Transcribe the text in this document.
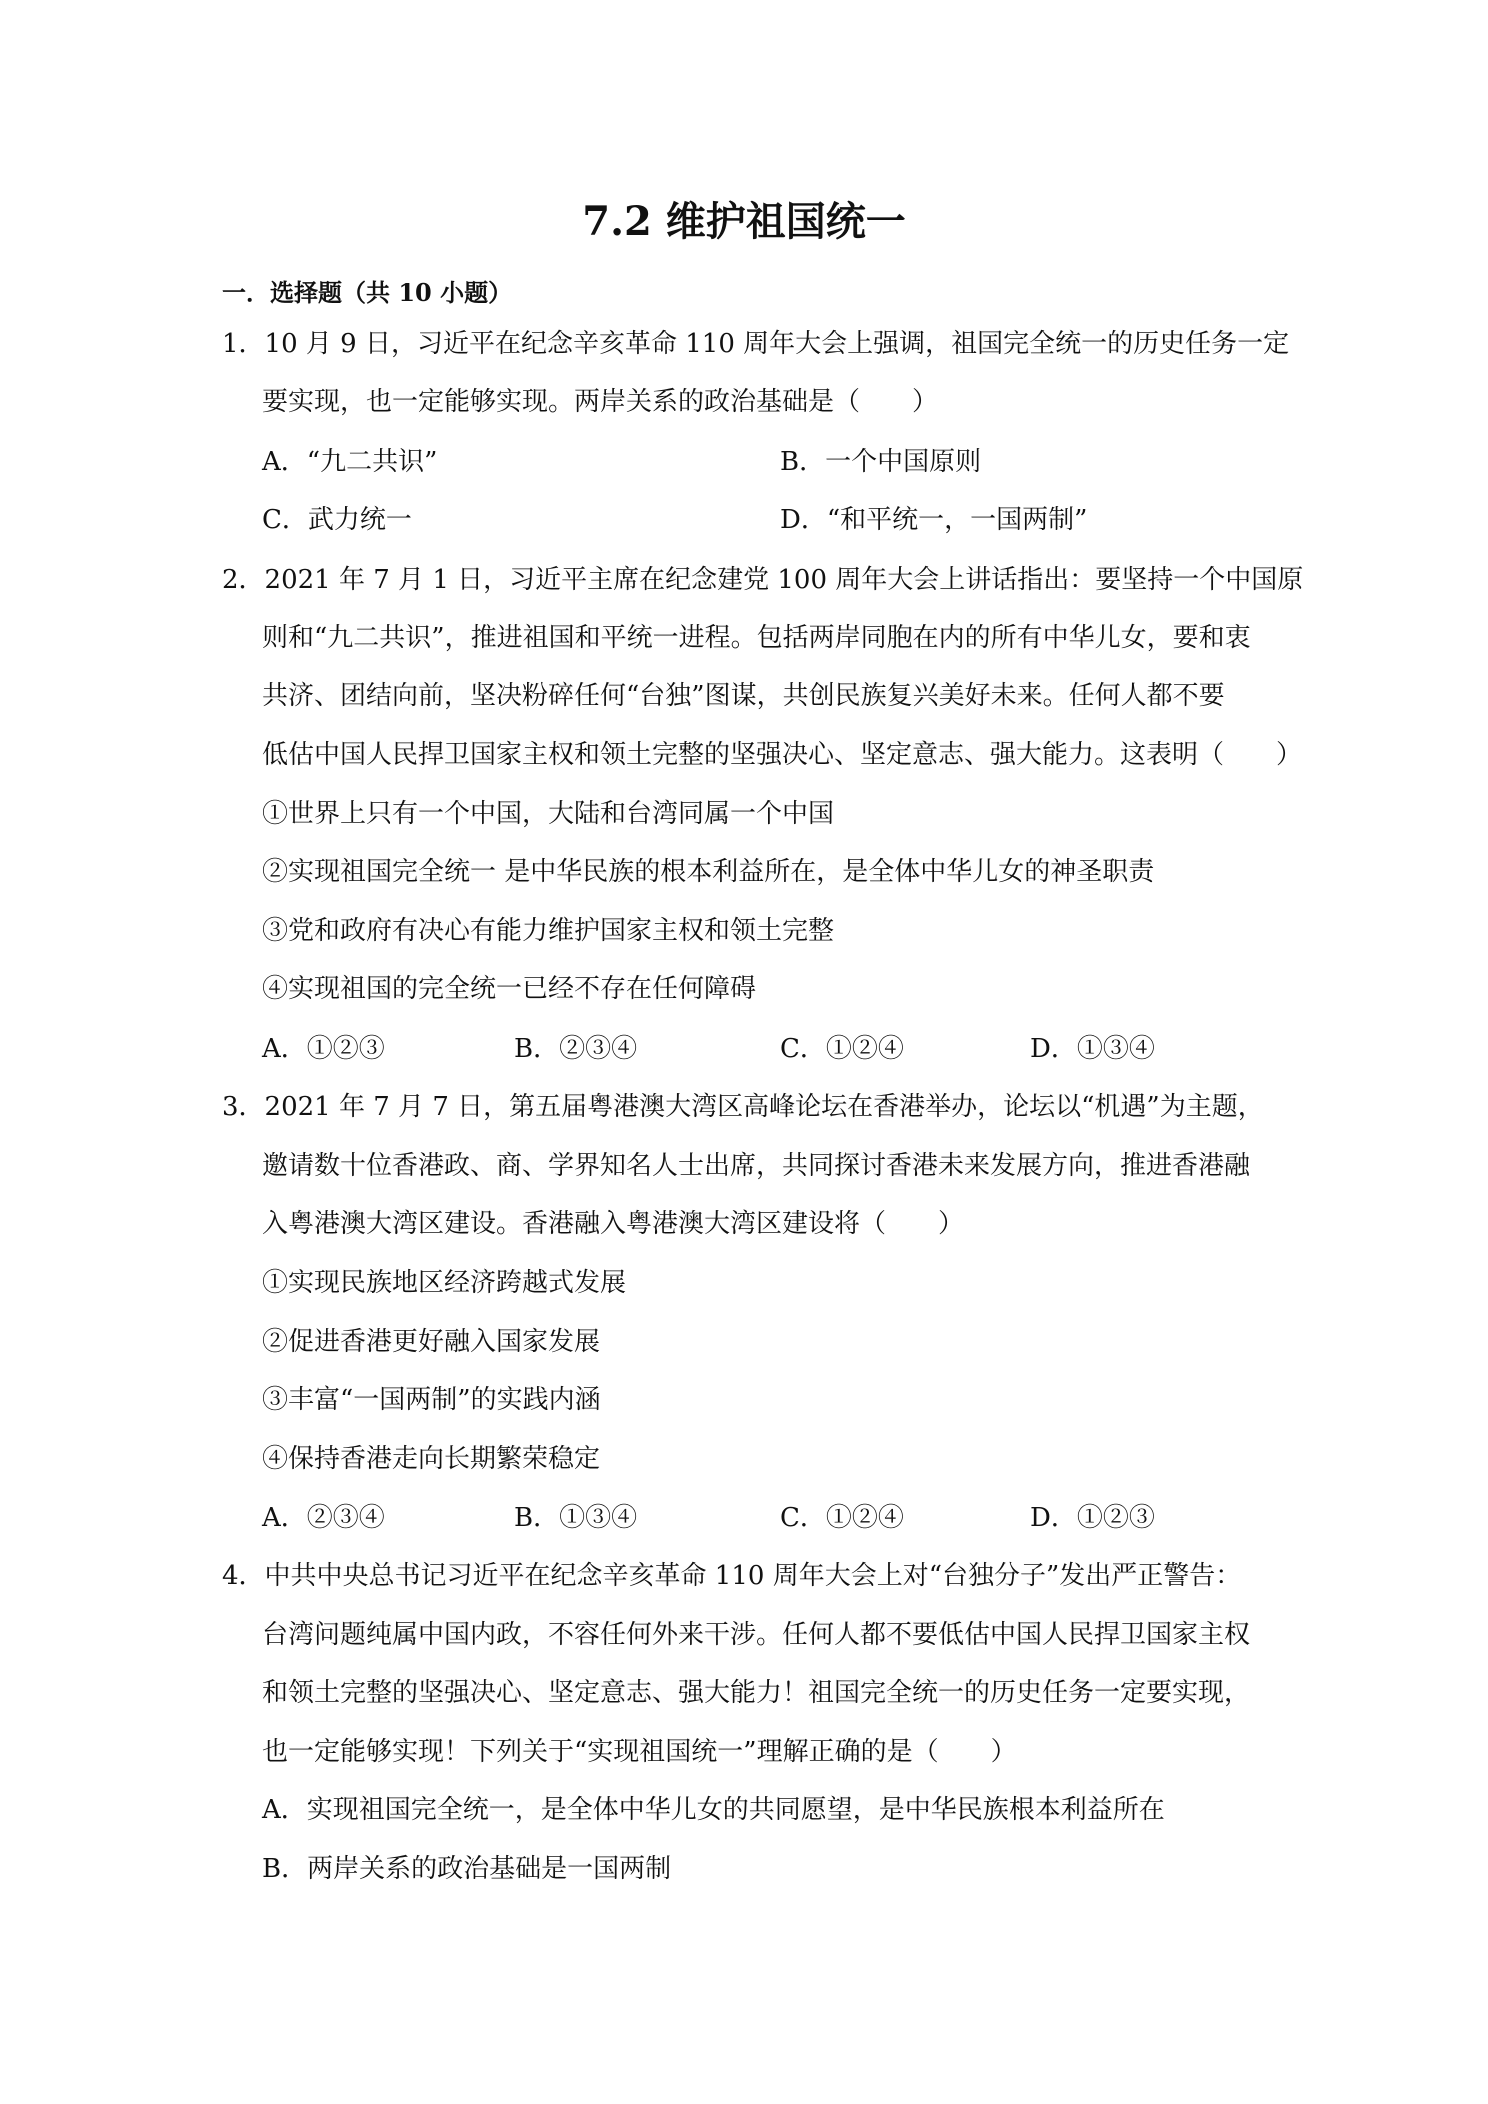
7.2 维护祖国统一
一．选择题（共 10 小题）
1．10 月 9 日，习近平在纪念辛亥革命 110 周年大会上强调，祖国完全统一的历史任务一定
要实现，也一定能够实现。两岸关系的政治基础是（　　）
A．“九二共识”	B．一个中国原则
C．武力统一	D．“和平统一，一国两制”
2．2021 年 7 月 1 日，习近平主席在纪念建党 100 周年大会上讲话指出：要坚持一个中国原
则和“九二共识”，推进祖国和平统一进程。包括两岸同胞在内的所有中华儿女，要和衷
共济、团结向前，坚决粉碎任何“台独”图谋，共创民族复兴美好未来。任何人都不要
低估中国人民捍卫国家主权和领土完整的坚强决心、坚定意志、强大能力。这表明（　　）
①世界上只有一个中国，大陆和台湾同属一个中国
②实现祖国完全统一 是中华民族的根本利益所在，是全体中华儿女的神圣职责
③党和政府有决心有能力维护国家主权和领土完整
④实现祖国的完全统一已经不存在任何障碍
A．①②③	B．②③④	C．①②④	D．①③④
3．2021 年 7 月 7 日，第五届粤港澳大湾区高峰论坛在香港举办，论坛以“机遇”为主题，
邀请数十位香港政、商、学界知名人士出席，共同探讨香港未来发展方向，推进香港融
入粤港澳大湾区建设。香港融入粤港澳大湾区建设将（　　）
①实现民族地区经济跨越式发展
②促进香港更好融入国家发展
③丰富“一国两制”的实践内涵
④保持香港走向长期繁荣稳定
A．②③④	B．①③④	C．①②④	D．①②③
4．中共中央总书记习近平在纪念辛亥革命 110 周年大会上对“台独分子”发出严正警告：
台湾问题纯属中国内政，不容任何外来干涉。任何人都不要低估中国人民捍卫国家主权
和领土完整的坚强决心、坚定意志、强大能力！祖国完全统一的历史任务一定要实现，
也一定能够实现！下列关于“实现祖国统一”理解正确的是（　　）
A．实现祖国完全统一，是全体中华儿女的共同愿望，是中华民族根本利益所在
B．两岸关系的政治基础是一国两制
